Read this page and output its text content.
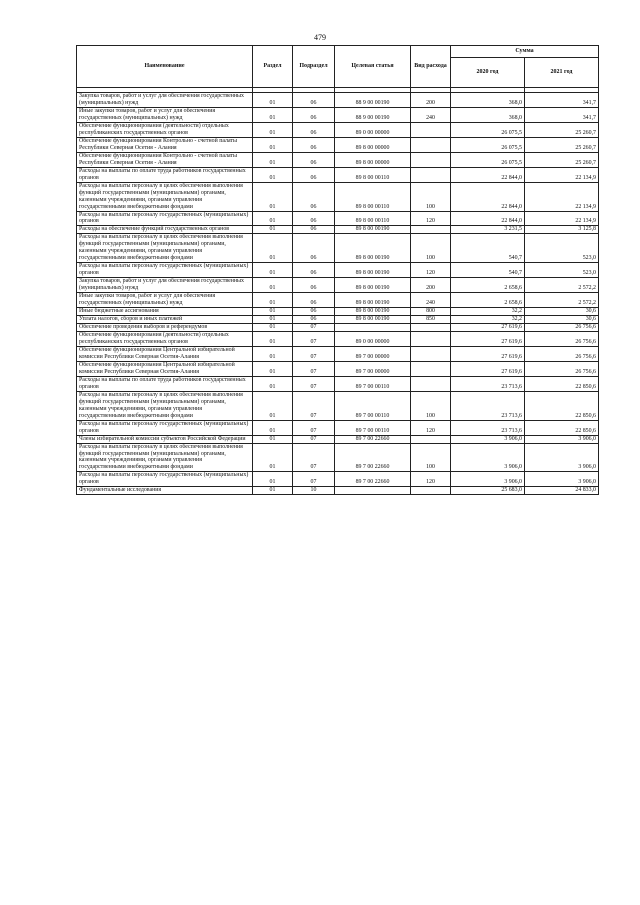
479
Наименование	Раздел	Подраздел	Целевая статья	Вид расхода	Сумма	
					2020 год	2021 год

Закупка товаров, работ и услуг для обеспечения государственных (муниципальных) нужд	01	06	88 9 00 00190	200	368,0	341,7
Иные закупки товаров, работ и услуг для обеспечения государственных (муниципальных) нужд	01	06	88 9 00 00190	240	368,0	341,7
Обеспечение функционирования (деятельности) отдельных республиканских государственных органов	01	06	89 0 00 00000		26 075,5	25 260,7
Обеспечение функционирования Контрольно - счетной палаты Республики Северная Осетия - Алания	01	06	89 8 00 00000		26 075,5	25 260,7
Обеспечение функционирования Контрольно - счетной палаты Республики Северная Осетия - Алания	01	06	89 8 00 00000		26 075,5	25 260,7
Расходы на выплаты по оплате труда работников государственных органов	01	06	89 8 00 00110		22 844,0	22 134,9
Расходы на выплаты персоналу в целях обеспечения выполнения функций государственными (муниципальными) органами, казенными учреждениями, органами управления государственными внебюджетными фондами	01	06	89 8 00 00110	100	22 844,0	22 134,9
Расходы на выплаты персоналу государственных (муниципальных) органов	01	06	89 8 00 00110	120	22 844,0	22 134,9
Расходы на обеспечение функций государственных органов	01	06	89 8 00 00190		3 231,5	3 125,8
Расходы на выплаты персоналу в целях обеспечения выполнения функций государственными (муниципальными) органами, казенными учреждениями, органами управления государственными внебюджетными фондами	01	06	89 8 00 00190	100	540,7	523,0
Расходы на выплаты персоналу государственных (муниципальных) органов	01	06	89 8 00 00190	120	540,7	523,0
Закупка товаров, работ и услуг для обеспечения государственных (муниципальных) нужд	01	06	89 8 00 00190	200	2 658,6	2 572,2
Иные закупки товаров, работ и услуг для обеспечения государственных (муниципальных) нужд	01	06	89 8 00 00190	240	2 658,6	2 572,2
Иные бюджетные ассигнования	01	06	89 8 00 00190	800	32,2	30,6
Уплата налогов, сборов и иных платежей	01	06	89 8 00 00190	850	32,2	30,6
Обеспечение проведения выборов и референдумов	01	07			27 619,6	26 756,6
Обеспечение функционирования (деятельности) отдельных республиканских государственных органов	01	07	89 0 00 00000		27 619,6	26 756,6
Обеспечение функционирования Центральной избирательной комиссии Республики Северная Осетия-Алания	01	07	89 7 00 00000		27 619,6	26 756,6
Обеспечение функционирования Центральной избирательной комиссии Республики Северная Осетия-Алания	01	07	89 7 00 00000		27 619,6	26 756,6
Расходы на выплаты по оплате труда работников государственных органов	01	07	89 7 00 00110		23 713,6	22 850,6
Расходы на выплаты персоналу в целях обеспечения выполнения функций государственными (муниципальными) органами, казенными учреждениями, органами управления государственными внебюджетными фондами	01	07	89 7 00 00110	100	23 713,6	22 850,6
Расходы на выплаты персоналу государственных (муниципальных) органов	01	07	89 7 00 00110	120	23 713,6	22 850,6
Члены избирательной комиссии субъектов Российской Федерации	01	07	89 7 00 22660		3 906,0	3 906,0
Расходы на выплаты персоналу в целях обеспечения выполнения функций государственными (муниципальными) органами, казенными учреждениями, органами управления государственными внебюджетными фондами	01	07	89 7 00 22660	100	3 906,0	3 906,0
Расходы на выплаты персоналу государственных (муниципальных) органов	01	07	89 7 00 22660	120	3 906,0	3 906,0
Фундаментальные исследования	01	10			25 683,0	24 833,0
